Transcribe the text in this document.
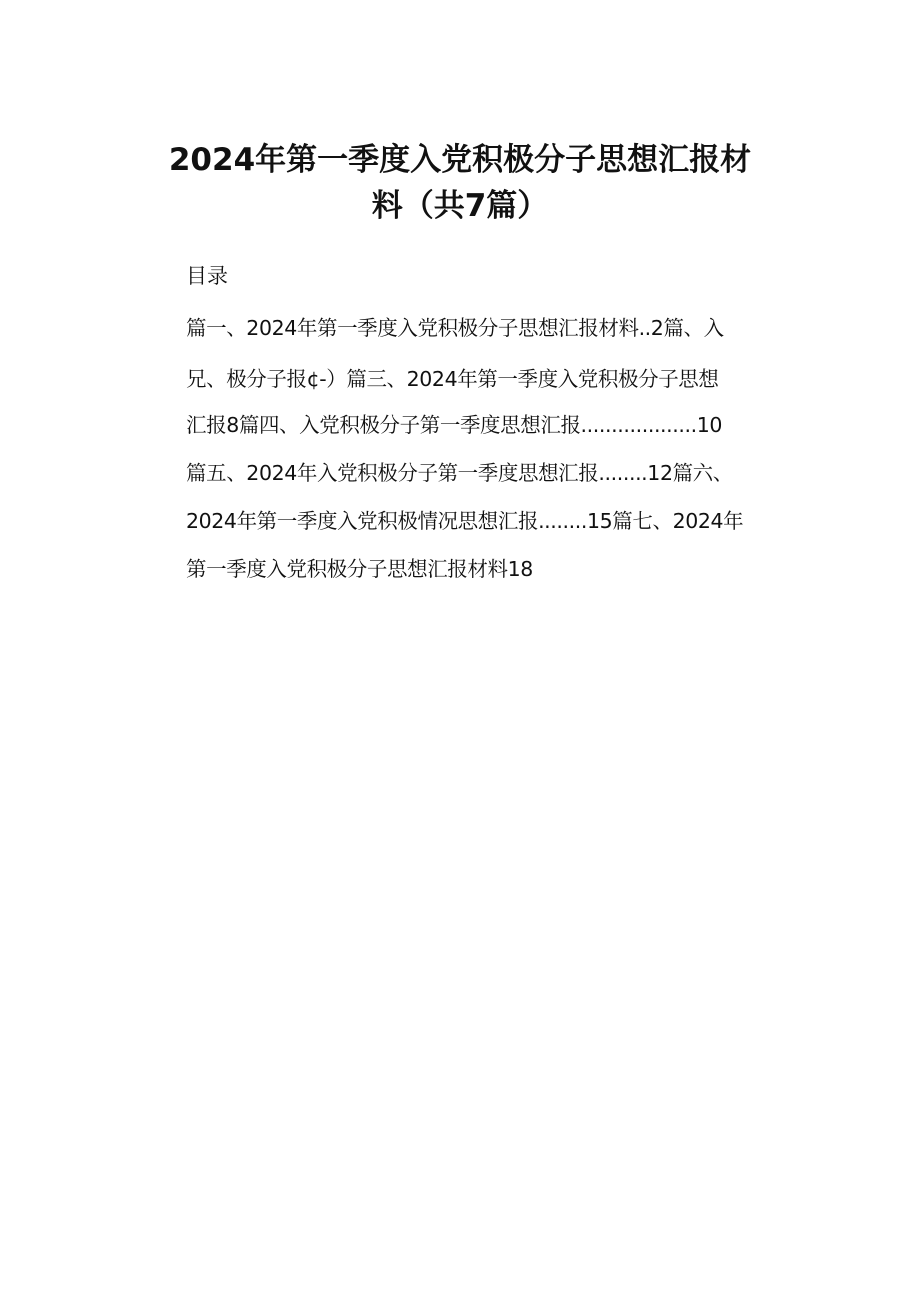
2024年第一季度入党积极分子思想汇报材
料（共7篇）
目录
篇一、2024年第一季度入党积极分子思想汇报材料..2篇、入
兄、极分子报¢-）篇三、2024年第一季度入党积极分子思想
汇报8篇四、入党积极分子第一季度思想汇报...................10
篇五、2024年入党积极分子第一季度思想汇报........12篇六、
2024年第一季度入党积极情况思想汇报........15篇七、2024年
第一季度入党积极分子思想汇报材料18
